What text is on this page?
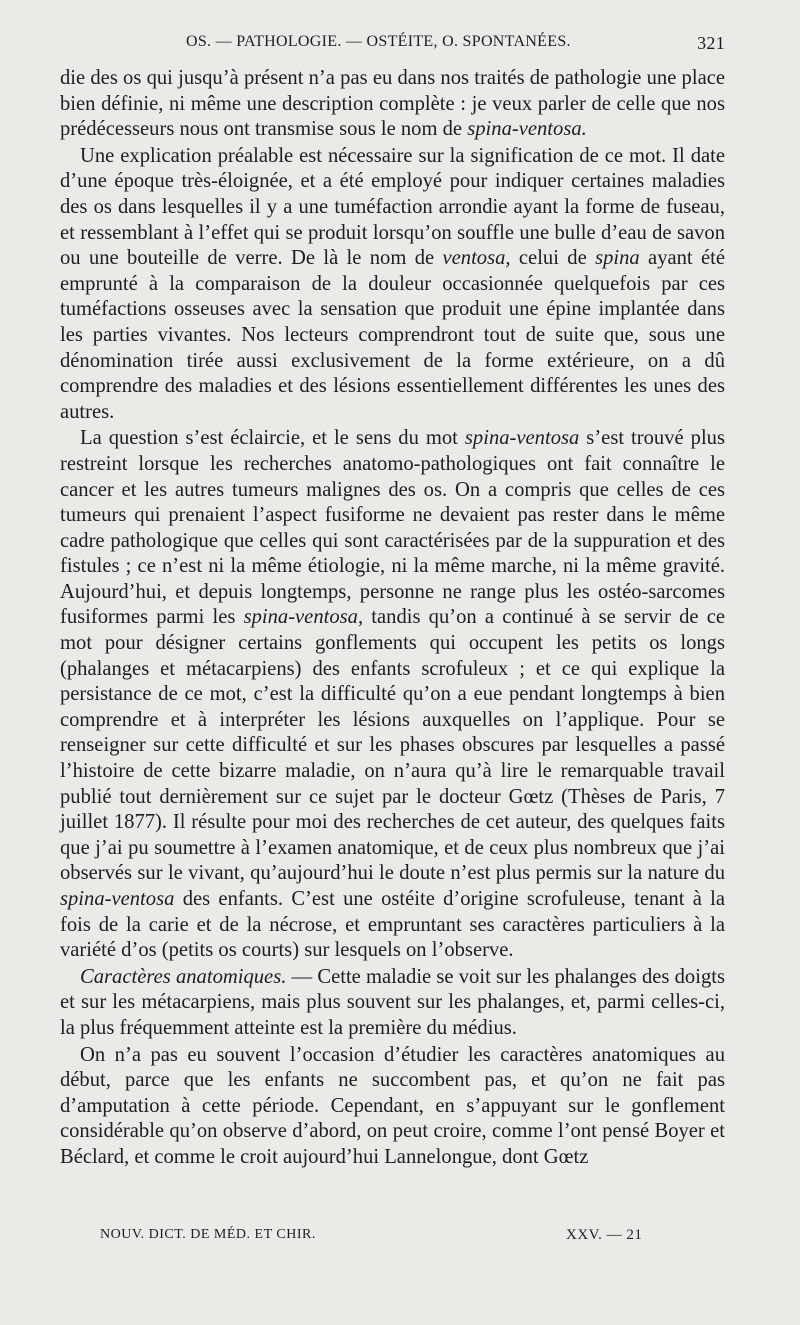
OS. — PATHOLOGIE. — OSTÉITE, O. SPONTANÉES.	321

die des os qui jusqu’à présent n’a pas eu dans nos traités de pathologie une place bien définie, ni même une description complète : je veux parler de celle que nos prédécesseurs nous ont transmise sous le nom de spina-ventosa.

Une explication préalable est nécessaire sur la signification de ce mot. Il date d’une époque très-éloignée, et a été employé pour indiquer certaines maladies des os dans lesquelles il y a une tuméfaction arrondie ayant la forme de fuseau, et ressemblant à l’effet qui se produit lorsqu’on souffle une bulle d’eau de savon ou une bouteille de verre. De là le nom de ventosa, celui de spina ayant été emprunté à la comparaison de la douleur occasionnée quelquefois par ces tuméfactions osseuses avec la sensation que produit une épine implantée dans les parties vivantes. Nos lecteurs comprendront tout de suite que, sous une dénomination tirée aussi exclusivement de la forme extérieure, on a dû comprendre des maladies et des lésions essentiellement différentes les unes des autres.

La question s’est éclaircie, et le sens du mot spina-ventosa s’est trouvé plus restreint lorsque les recherches anatomo-pathologiques ont fait connaître le cancer et les autres tumeurs malignes des os. On a compris que celles de ces tumeurs qui prenaient l’aspect fusiforme ne devaient pas rester dans le même cadre pathologique que celles qui sont caractérisées par de la suppuration et des fistules ; ce n’est ni la même étiologie, ni la même marche, ni la même gravité. Aujourd’hui, et depuis longtemps, personne ne range plus les ostéo-sarcomes fusiformes parmi les spina-ventosa, tandis qu’on a continué à se servir de ce mot pour désigner certains gonflements qui occupent les petits os longs (phalanges et métacarpiens) des enfants scrofuleux ; et ce qui explique la persistance de ce mot, c’est la difficulté qu’on a eue pendant longtemps à bien comprendre et à interpréter les lésions auxquelles on l’applique. Pour se renseigner sur cette difficulté et sur les phases obscures par lesquelles a passé l’histoire de cette bizarre maladie, on n’aura qu’à lire le remarquable travail publié tout dernièrement sur ce sujet par le docteur Gœtz (Thèses de Paris, 7 juillet 1877). Il résulte pour moi des recherches de cet auteur, des quelques faits que j’ai pu soumettre à l’examen anatomique, et de ceux plus nombreux que j’ai observés sur le vivant, qu’aujourd’hui le doute n’est plus permis sur la nature du spina-ventosa des enfants. C’est une ostéite d’origine scrofuleuse, tenant à la fois de la carie et de la nécrose, et empruntant ses caractères particuliers à la variété d’os (petits os courts) sur lesquels on l’observe.

Caractères anatomiques. — Cette maladie se voit sur les phalanges des doigts et sur les métacarpiens, mais plus souvent sur les phalanges, et, parmi celles-ci, la plus fréquemment atteinte est la première du médius.

On n’a pas eu souvent l’occasion d’étudier les caractères anatomiques au début, parce que les enfants ne succombent pas, et qu’on ne fait pas d’amputation à cette période. Cependant, en s’appuyant sur le gonflement considérable qu’on observe d’abord, on peut croire, comme l’ont pensé Boyer et Béclard, et comme le croit aujourd’hui Lannelongue, dont Gœtz

NOUV. DICT. DE MÉD. ET CHIR.	XXV. — 21
